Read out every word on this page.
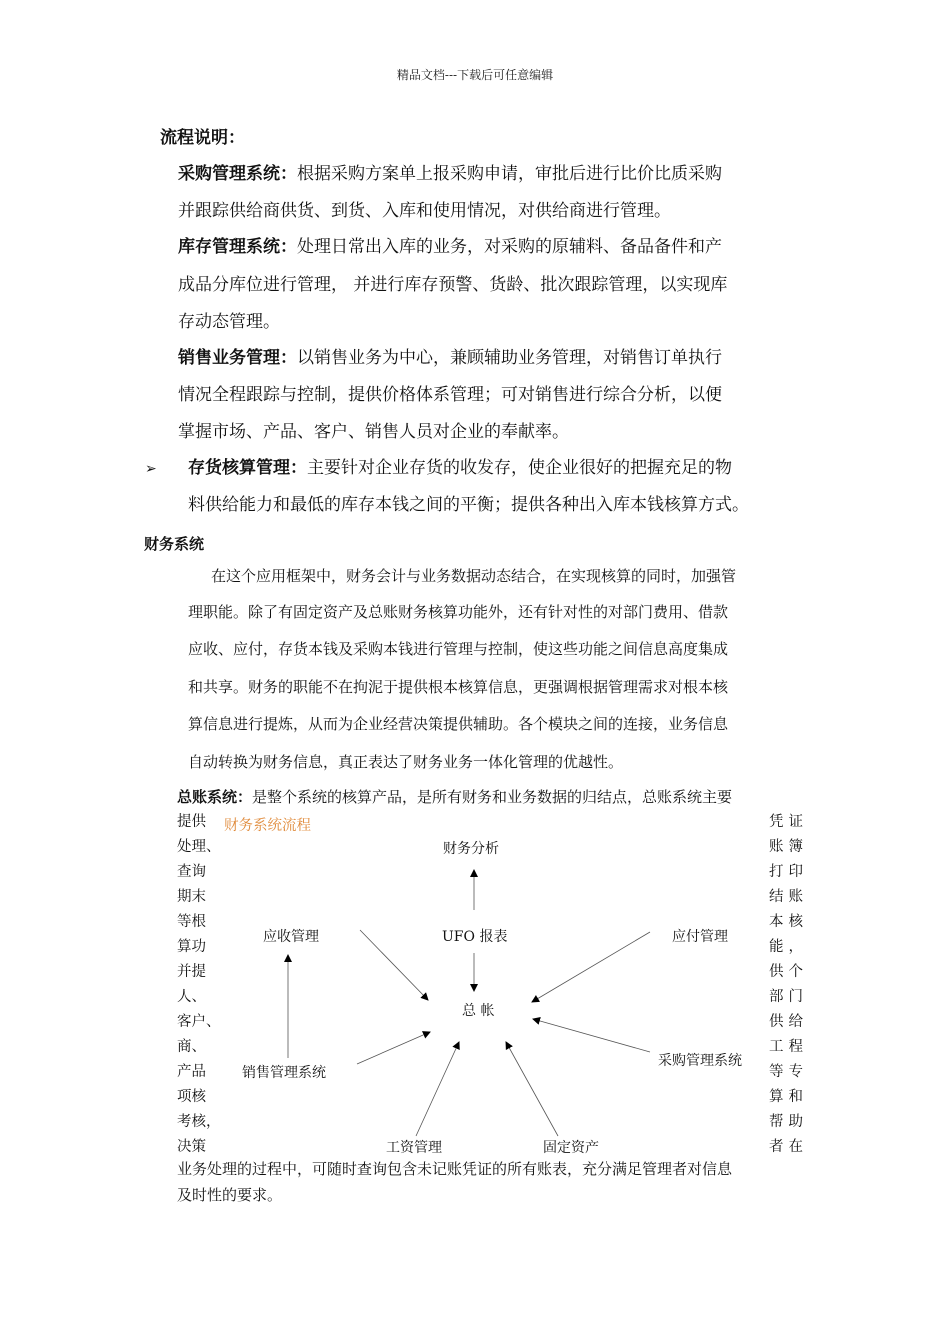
精品文档---下载后可任意编辑
流程说明：
采购管理系统：根据采购方案单上报采购申请，审批后进行比价比质采购
并跟踪供给商供货、到货、入库和使用情况，对供给商进行管理。
库存管理系统：处理日常出入库的业务，对采购的原辅料、备品备件和产
成品分库位进行管理， 并进行库存预警、货龄、批次跟踪管理，以实现库
存动态管理。
销售业务管理：以销售业务为中心，兼顾辅助业务管理，对销售订单执行
情况全程跟踪与控制，提供价格体系管理；可对销售进行综合分析，以便
掌握市场、产品、客户、销售人员对企业的奉献率。
➢ 存货核算管理：主要针对企业存货的收发存，使企业很好的把握充足的物
料供给能力和最低的库存本钱之间的平衡；提供各种出入库本钱核算方式。
财务系统
在这个应用框架中，财务会计与业务数据动态结合，在实现核算的同时，加强管
理职能。除了有固定资产及总账财务核算功能外，还有针对性的对部门费用、借款
应收、应付，存货本钱及采购本钱进行管理与控制，使这些功能之间信息高度集成
和共享。财务的职能不在拘泥于提供根本核算信息，更强调根据管理需求对根本核
算信息进行提炼，从而为企业经营决策提供辅助。各个模块之间的连接，业务信息
自动转换为财务信息，真正表达了财务业务一体化管理的优越性。
总账系统：是整个系统的核算产品，是所有财务和业务数据的归结点，总账系统主要
提供
处理、
查询
期末
等根
算功
并提
人、
客户、
商、
产品
项核
考核，
决策
凭证
账簿
打印
结账
本核
能，
供个
部门
供给
工程
等专
算和
帮助
者在
财务系统流程
财务分析
UFO 报表
应收管理	应付管理
总 帐
销售管理系统
采购管理系统
工资管理	固定资产
业务处理的过程中，可随时查询包含未记账凭证的所有账表，充分满足管理者对信息
及时性的要求。
